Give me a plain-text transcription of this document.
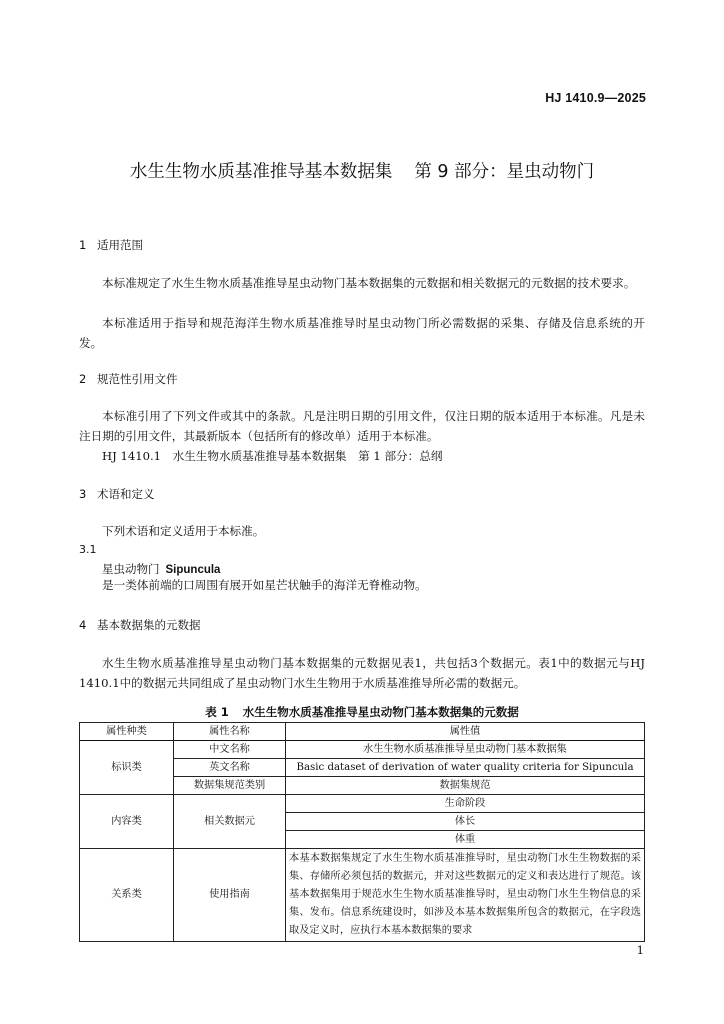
HJ 1410.9—2025
水生生物水质基准推导基本数据集 第 9 部分：星虫动物门
1 适用范围
本标准规定了水生生物水质基准推导星虫动物门基本数据集的元数据和相关数据元的元数据的技术要求。
本标准适用于指导和规范海洋生物水质基准推导时星虫动物门所必需数据的采集、存储及信息系统的开发。
2 规范性引用文件
本标准引用了下列文件或其中的条款。凡是注明日期的引用文件，仅注日期的版本适用于本标准。凡是未注日期的引用文件，其最新版本（包括所有的修改单）适用于本标准。
HJ 1410.1　水生生物水质基准推导基本数据集　第 1 部分：总纲
3 术语和定义
下列术语和定义适用于本标准。
3.1
星虫动物门 Sipuncula
是一类体前端的口周围有展开如星芒状触手的海洋无脊椎动物。
4 基本数据集的元数据
水生生物水质基准推导星虫动物门基本数据集的元数据见表1，共包括3个数据元。表1中的数据元与HJ 1410.1中的数据元共同组成了星虫动物门水生生物用于水质基准推导所必需的数据元。
表 1 水生生物水质基准推导星虫动物门基本数据集的元数据
属性种类	属性名称	属性值
标识类	中文名称	水生生物水质基准推导星虫动物门基本数据集
	英文名称	Basic dataset of derivation of water quality criteria for Sipuncula
	数据集规范类别	数据集规范
内容类	相关数据元	生命阶段
		体长
		体重
关系类	使用指南	本基本数据集规定了水生生物水质基准推导时，星虫动物门水生生物数据的采集、存储所必须包括的数据元，并对这些数据元的定义和表达进行了规范。该基本数据集用于规范水生生物水质基准推导时，星虫动物门水生生物信息的采集、发布。信息系统建设时，如涉及本基本数据集所包含的数据元，在字段选取及定义时，应执行本基本数据集的要求
1
